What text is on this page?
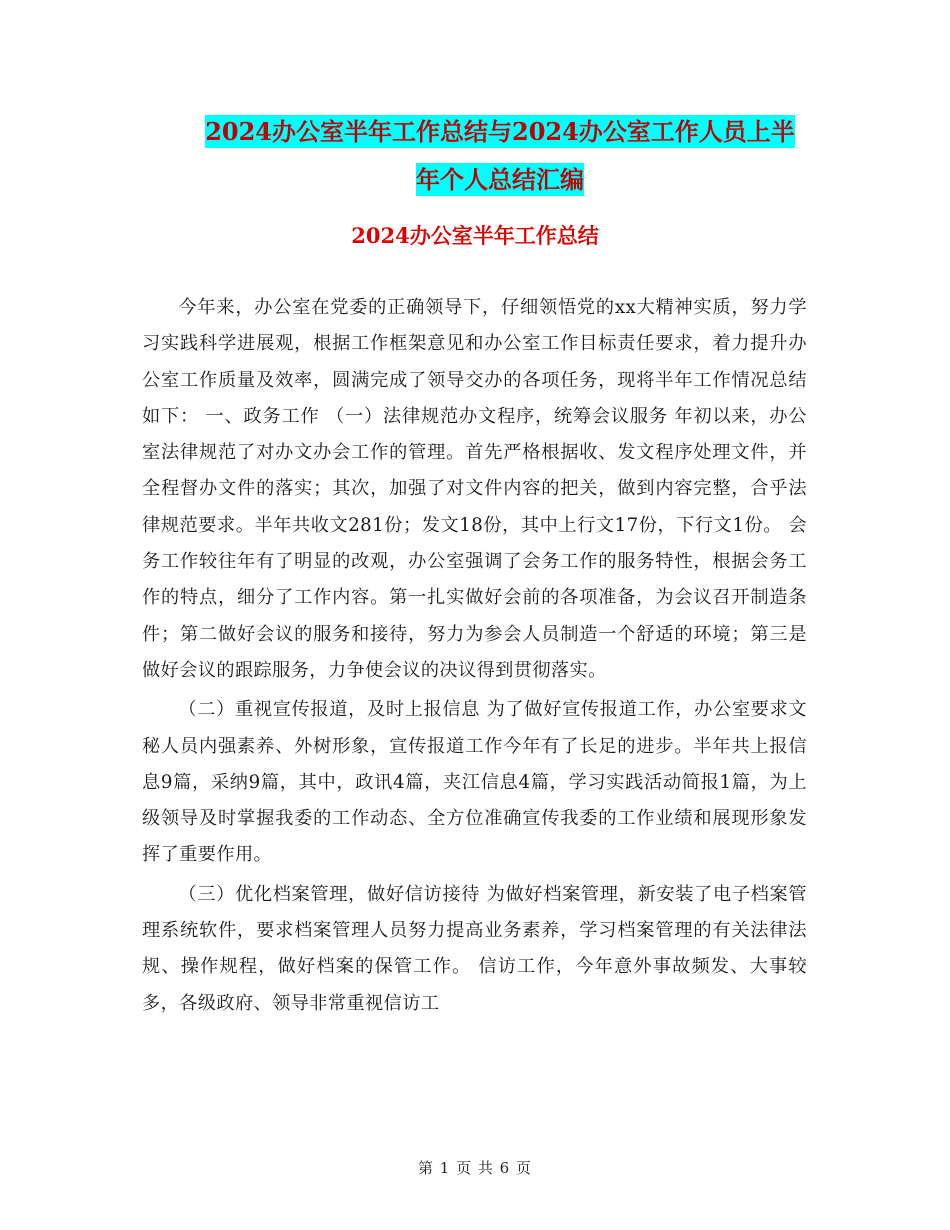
2024办公室半年工作总结与2024办公室工作人员上半
年个人总结汇编
2024办公室半年工作总结

今年来，办公室在党委的正确领导下，仔细领悟党的xx大精神实质，努力学习实践科学进展观，根据工作框架意见和办公室工作目标责任要求，着力提升办公室工作质量及效率，圆满完成了领导交办的各项任务，现将半年工作情况总结如下： 一、政务工作 （一）法律规范办文程序，统筹会议服务 年初以来，办公室法律规范了对办文办会工作的管理。首先严格根据收、发文程序处理文件，并全程督办文件的落实；其次，加强了对文件内容的把关，做到内容完整，合乎法律规范要求。半年共收文281份；发文18份，其中上行文17份，下行文1份。 会务工作较往年有了明显的改观，办公室强调了会务工作的服务特性，根据会务工作的特点，细分了工作内容。第一扎实做好会前的各项准备，为会议召开制造条件；第二做好会议的服务和接待，努力为参会人员制造一个舒适的环境；第三是做好会议的跟踪服务，力争使会议的决议得到贯彻落实。

（二）重视宣传报道，及时上报信息 为了做好宣传报道工作，办公室要求文秘人员内强素养、外树形象，宣传报道工作今年有了长足的进步。半年共上报信息9篇，采纳9篇，其中，政讯4篇，夹江信息4篇，学习实践活动简报1篇，为上级领导及时掌握我委的工作动态、全方位准确宣传我委的工作业绩和展现形象发挥了重要作用。

（三）优化档案管理，做好信访接待 为做好档案管理，新安装了电子档案管理系统软件，要求档案管理人员努力提高业务素养，学习档案管理的有关法律法规、操作规程，做好档案的保管工作。 信访工作，今年意外事故频发、大事较多，各级政府、领导非常重视信访工

第 1 页 共 6 页
